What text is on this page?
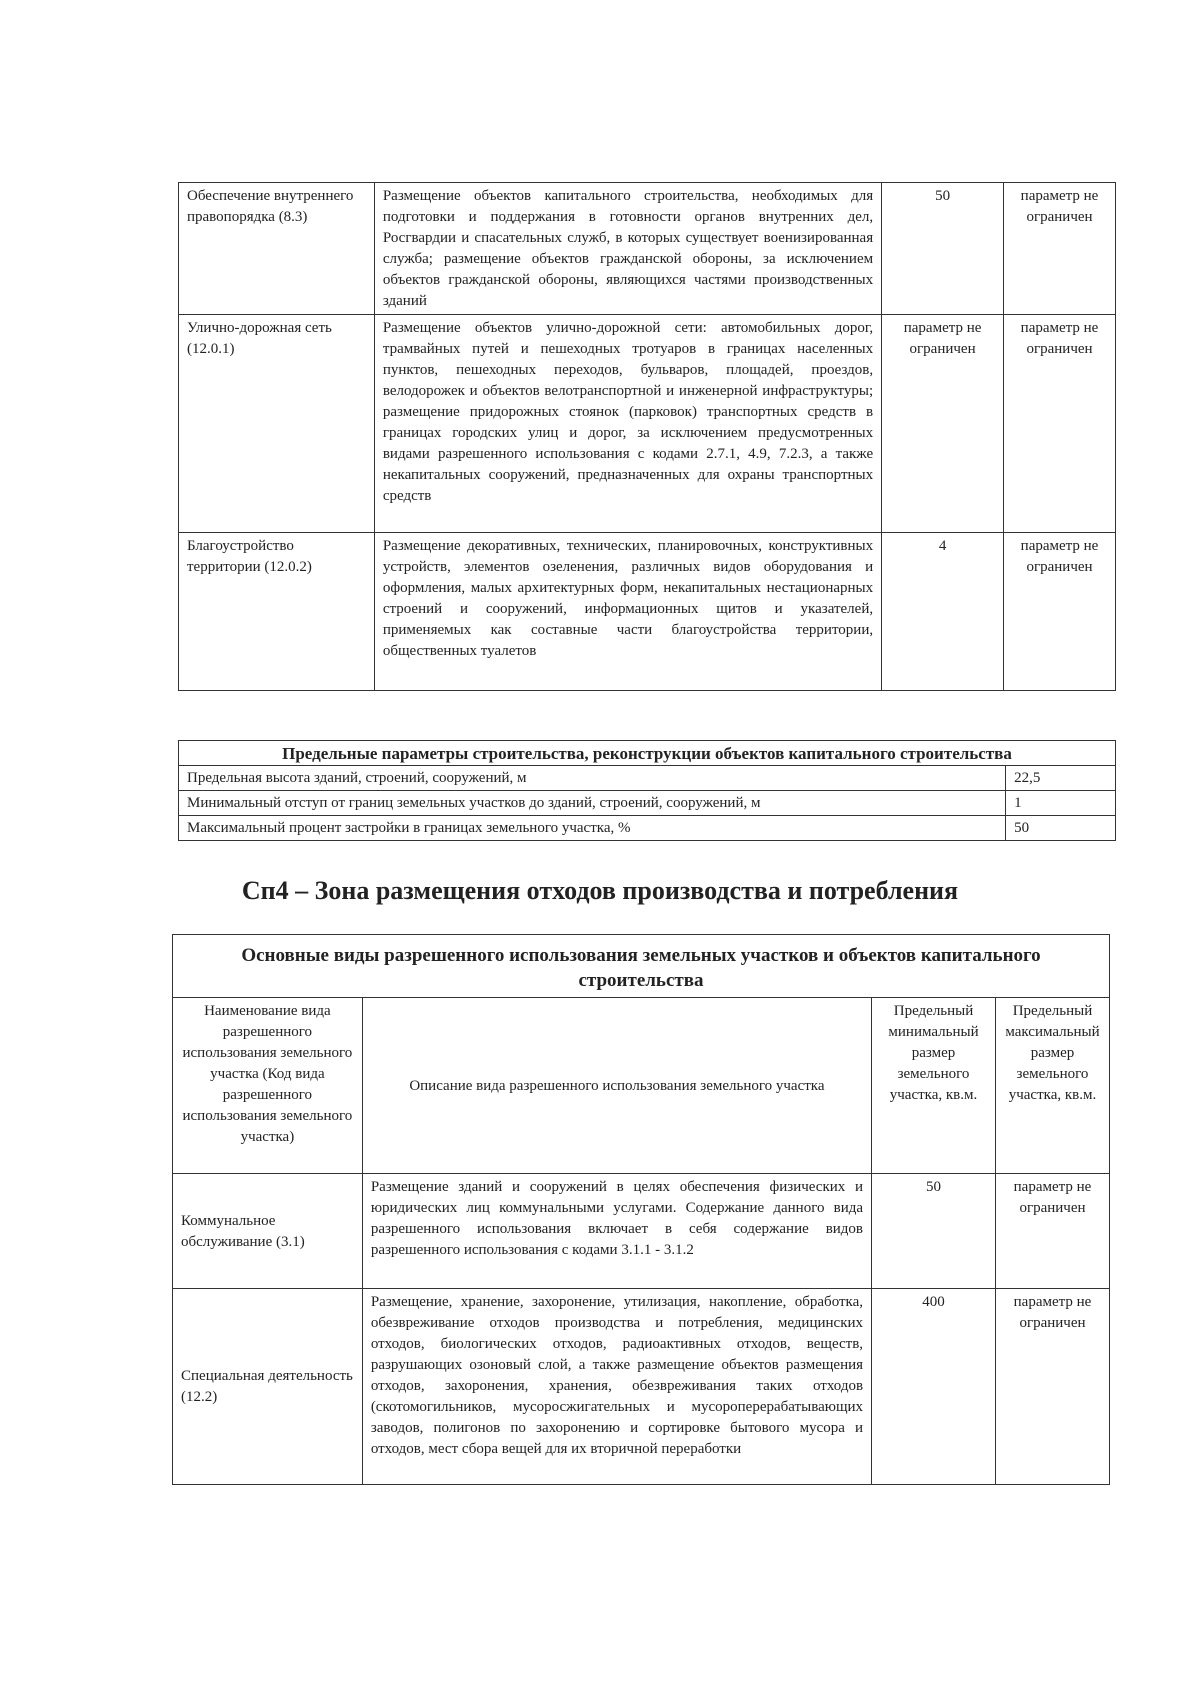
Обеспечение внутреннего правопорядка (8.3)	Размещение объектов капитального строительства, необходимых для подготовки и поддержания в готовности органов внутренних дел, Росгвардии и спасательных служб, в которых существует военизированная служба; размещение объектов гражданской обороны, за исключением объектов гражданской обороны, являющихся частями производственных зданий	50	параметр не ограничен
Улично-дорожная сеть (12.0.1)	Размещение объектов улично-дорожной сети: автомобильных дорог, трамвайных путей и пешеходных тротуаров в границах населенных пунктов, пешеходных переходов, бульваров, площадей, проездов, велодорожек и объектов велотранспортной и инженерной инфраструктуры; размещение придорожных стоянок (парковок) транспортных средств в границах городских улиц и дорог, за исключением предусмотренных видами разрешенного использования с кодами 2.7.1, 4.9, 7.2.3, а также некапитальных сооружений, предназначенных для охраны транспортных средств	параметр не ограничен	параметр не ограничен
Благоустройство территории (12.0.2)	Размещение декоративных, технических, планировочных, конструктивных устройств, элементов озеленения, различных видов оборудования и оформления, малых архитектурных форм, некапитальных нестационарных строений и сооружений, информационных щитов и указателей, применяемых как составные части благоустройства территории, общественных туалетов	4	параметр не ограничен
Предельные параметры строительства, реконструкции объектов капитального строительства	
Предельная высота зданий, строений, сооружений, м	22,5
Минимальный отступ от границ земельных участков до зданий, строений, сооружений, м	1
Максимальный процент застройки в границах земельного участка, %	50
Сп4 – Зона размещения отходов производства и потребления
Основные виды разрешенного использования земельных участков и объектов капитального строительства			
Наименование вида разрешенного использования земельного участка (Код вида разрешенного использования земельного участка)	Описание вида разрешенного использования земельного участка	Предельный минимальный размер земельного участка, кв.м.	Предельный максимальный размер земельного участка, кв.м.
Коммунальное обслуживание (3.1)	Размещение зданий и сооружений в целях обеспечения физических и юридических лиц коммунальными услугами. Содержание данного вида разрешенного использования включает в себя содержание видов разрешенного использования с кодами 3.1.1 - 3.1.2	50	параметр не ограничен
Специальная деятельность (12.2)	Размещение, хранение, захоронение, утилизация, накопление, обработка, обезвреживание отходов производства и потребления, медицинских отходов, биологических отходов, радиоактивных отходов, веществ, разрушающих озоновый слой, а также размещение объектов размещения отходов, захоронения, хранения, обезвреживания таких отходов (скотомогильников, мусоросжигательных и мусороперерабатывающих заводов, полигонов по захоронению и сортировке бытового мусора и отходов, мест сбора вещей для их вторичной переработки	400	параметр не ограничен
